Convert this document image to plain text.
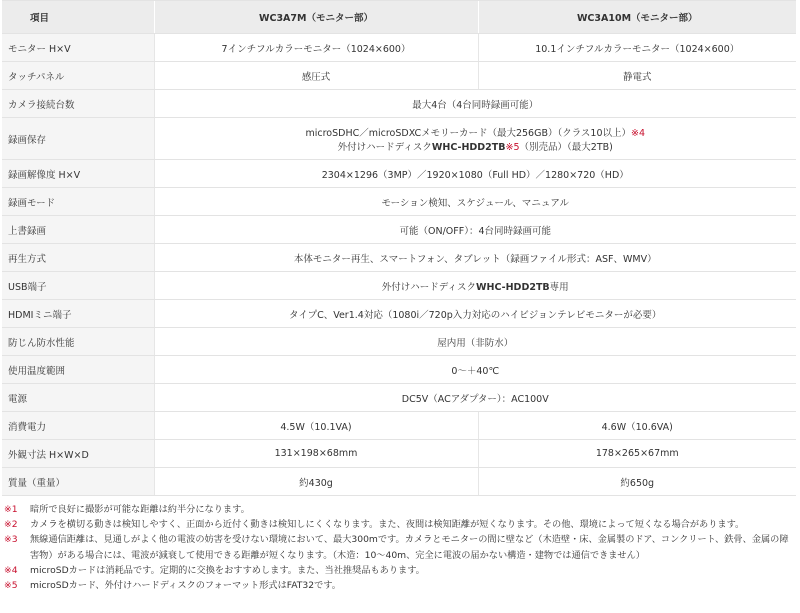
項目	WC3A7M（モニター部）	WC3A10M（モニター部）
モニター H×V	7インチフルカラーモニター（1024×600）	10.1インチフルカラーモニター（1024×600）
タッチパネル	感圧式	静電式
カメラ接続台数	最大4台（4台同時録画可能）	
録画保存	microSDHC／microSDXCメモリーカード（最大256GB）（クラス10以上）※4
外付けハードディスクWHC-HDD2TB※5（別売品）（最大2TB)	

録画解像度 H×V	2304×1296（3MP）／1920×1080（Full HD）／1280×720（HD）	
録画モード	モーション検知、スケジュール、マニュアル	
上書録画	可能（ON/OFF）：4台同時録画可能	
再生方式	本体モニター再生、スマートフォン、タブレット（録画ファイル形式：ASF、WMV）	
USB端子	外付けハードディスクWHC-HDD2TB専用	
HDMIミニ端子	タイプC、Ver1.4対応（1080i／720p入力対応のハイビジョンテレビモニターが必要）	
防じん防水性能	屋内用（非防水）	
使用温度範囲	0〜＋40℃	
電源	DC5V（ACアダプター）：AC100V	
消費電力	4.5W（10.1VA)	4.6W（10.6VA)
外観寸法 H×W×D	131×198×68mm	178×265×67mm
質量（重量）	約430g	約650g
※1	暗所で良好に撮影が可能な距離は約半分になります。
※2	カメラを横切る動きは検知しやすく、正面から近付く動きは検知しにくくなります。また、夜間は検知距離が短くなります。その他、環境によって短くなる場合があります。
※3	無線通信距離は、見通しがよく他の電波の妨害を受けない環境において、最大300mです。カメラとモニターの間に壁など（木造壁・床、金属製のドア、コンクリート、鉄骨、金属の障害物）がある場合には、電波が減衰して使用できる距離が短くなります。（木造：10〜40m、完全に電波の届かない構造・建物では通信できません）
※4	microSDカードは消耗品です。定期的に交換をおすすめします。また、当社推奨品もあります。
※5	microSDカード、外付けハードディスクのフォーマット形式はFAT32です。
